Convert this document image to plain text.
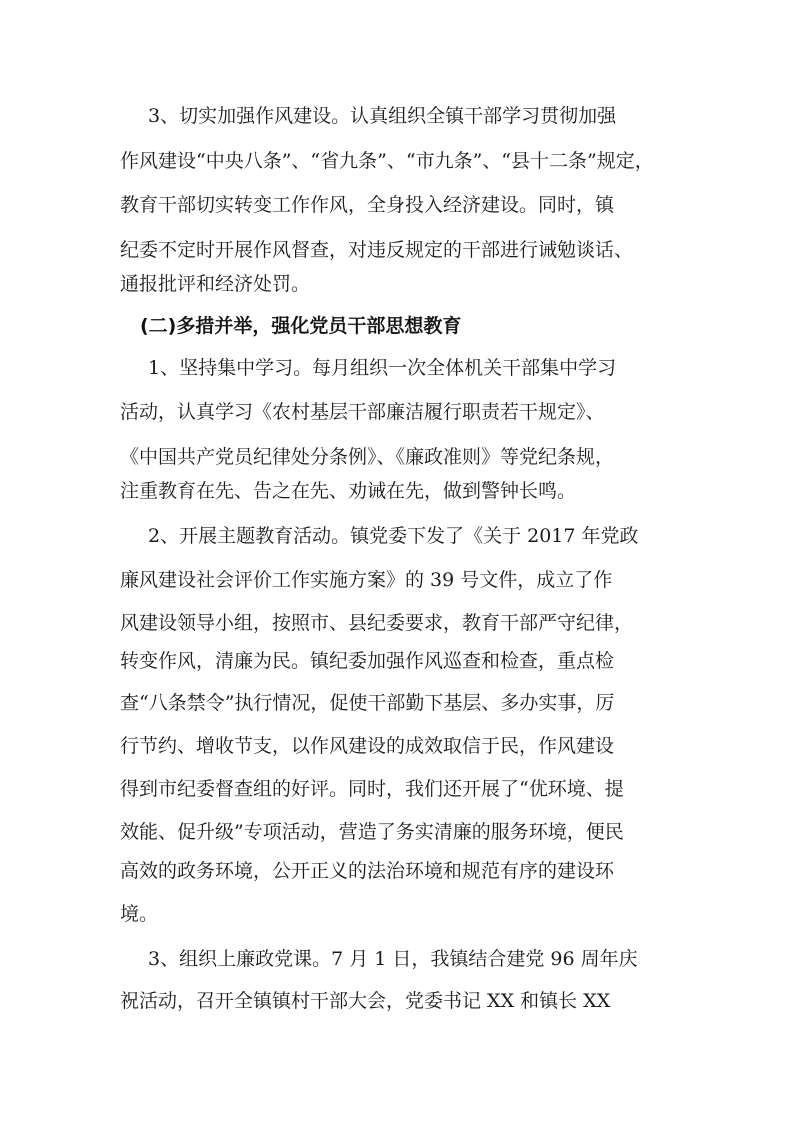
3、切实加强作风建设。认真组织全镇干部学习贯彻加强
作风建设“中央八条”、“省九条”、“市九条”、“县十二条”规定，
教育干部切实转变工作作风，全身投入经济建设。同时，镇
纪委不定时开展作风督查，对违反规定的干部进行诫勉谈话、
通报批评和经济处罚。
(二)多措并举，强化党员干部思想教育
1、坚持集中学习。每月组织一次全体机关干部集中学习
活动，认真学习《农村基层干部廉洁履行职责若干规定》、
《中国共产党员纪律处分条例》、《廉政准则》等党纪条规，
注重教育在先、告之在先、劝诫在先，做到警钟长鸣。
2、开展主题教育活动。镇党委下发了《关于 2017 年党政
廉风建设社会评价工作实施方案》的 39 号文件，成立了作
风建设领导小组，按照市、县纪委要求，教育干部严守纪律，
转变作风，清廉为民。镇纪委加强作风巡查和检查，重点检
查“八条禁令”执行情况，促使干部勤下基层、多办实事，厉
行节约、增收节支，以作风建设的成效取信于民，作风建设
得到市纪委督查组的好评。同时，我们还开展了“优环境、提
效能、促升级”专项活动，营造了务实清廉的服务环境，便民
高效的政务环境，公开正义的法治环境和规范有序的建设环
境。
3、组织上廉政党课。7 月 1 日，我镇结合建党 96 周年庆
祝活动，召开全镇镇村干部大会，党委书记 XX 和镇长 XX
